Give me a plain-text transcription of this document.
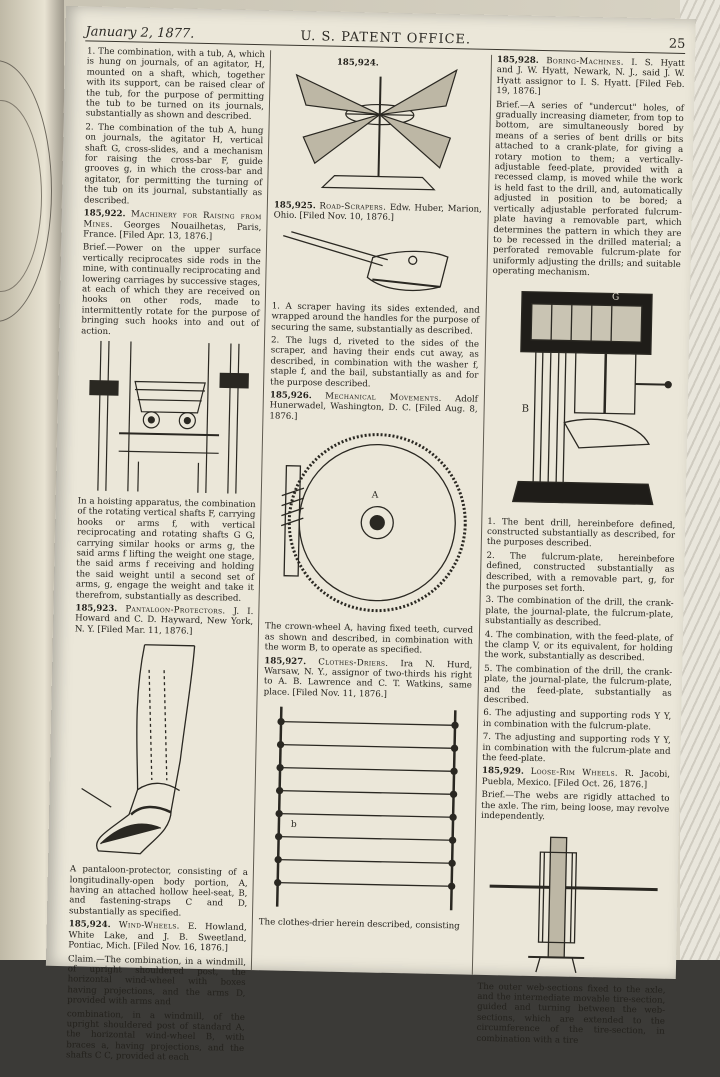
January 2, 1877.	U. S. PATENT OFFICE.	25

1. The combination, with a tub, A, which is hung on journals, of an agitator, H, mounted on a shaft, which, together with its support, can be raised clear of the tub, for the purpose of permitting the tub to be turned on its journals, substantially as shown and described.

2. The combination of the tub A, hung on journals, the agitator H, vertical shaft G, cross-slides, and a mechanism for raising the cross-bar F, guide grooves g, in which the cross-bar and agitator, for permitting the turning of the tub on its journal, substantially as described.

185,922. Machinery for Raising from Mines. Georges Nouailhetas, Paris, France. [Filed Apr. 13, 1876.]

Brief.—Power on the upper surface vertically reciprocates side rods in the mine, with continually reciprocating and lowering carriages by successive stages, at each of which they are received on hooks on other rods, made to intermittently rotate for the purpose of bringing such hooks into and out of action.

In a hoisting apparatus, the combination of the rotating vertical shafts F, carrying hooks or arms f, with vertical reciprocating and rotating shafts G G, carrying similar hooks or arms g, the said arms f lifting the weight one stage, the said arms f receiving and holding the said weight until a second set of arms, g, engage the weight and take it therefrom, substantially as described.

185,923. Pantaloon-Protectors. J. I. Howard and C. D. Hayward, New York, N. Y. [Filed Mar. 11, 1876.]

A pantaloon-protector, consisting of a longitudinally-open body portion, A, having an attached hollow heel-seat, B, and fastening-straps C and D, substantially as specified.

185,924. Wind-Wheels. E. Howland, White Lake, and J. B. Sweetland, Pontiac, Mich. [Filed Nov. 16, 1876.]

Claim.—The combination, in a windmill, of upright shouldered post, the horizontal wind-wheel with boxes having projections, and the arms D, provided with arms and

combination, in a windmill, of the upright shouldered post of standard A, the horizontal wind-wheel B, with braces a, having projections, and the shafts C C, provided at each

185,924.

185,925. Road-Scrapers. Edw. Huber, Marion, Ohio. [Filed Nov. 10, 1876.]

1. A scraper having its sides extended, and wrapped around the handles for the purpose of securing the same, substantially as described.

2. The lugs d, riveted to the sides of the scraper, and having their ends cut away, as described, in combination with the washer f, staple f, and the bail, substantially as and for the purpose described.

185,926. Mechanical Movements. Adolf Hunerwadel, Washington, D. C. [Filed Aug. 8, 1876.]

A

The crown-wheel A, having fixed teeth, curved as shown and described, in combination with the worm B, to operate as specified.

185,927. Clothes-Driers. Ira N. Hurd, Warsaw, N. Y., assignor of two-thirds his right to A. B. Lawrence and C. T. Watkins, same place. [Filed Nov. 11, 1876.]

b

The clothes-drier herein described, consisting

185,928. Boring-Machines. I. S. Hyatt and J. W. Hyatt, Newark, N. J., said J. W. Hyatt assignor to I. S. Hyatt. [Filed Feb. 19, 1876.]

Brief.—A series of "undercut" holes, of gradually increasing diameter, from top to bottom, are simultaneously bored by means of a series of bent drills or bits attached to a crank-plate, for giving a rotary motion to them; a vertically-adjustable feed-plate, provided with a recessed clamp, is moved while the work is held fast to the drill, and, automatically adjusted in position to be bored; a vertically adjustable perforated fulcrum-plate having a removable part, which determines the pattern in which they are to be recessed in the drilled material; a perforated removable fulcrum-plate for uniformly adjusting the drills; and suitable operating mechanism.

G
B

1. The bent drill, hereinbefore defined, constructed substantially as described, for the purposes described.

2. The fulcrum-plate, hereinbefore defined, constructed substantially as described, with a removable part, g, for the purposes set forth.

3. The combination of the drill, the crank-plate, the journal-plate, the fulcrum-plate, substantially as described.

4. The combination, with the feed-plate, of the clamp V, or its equivalent, for holding the work, substantially as described.

5. The combination of the drill, the crank-plate, the journal-plate, the fulcrum-plate, and the feed-plate, substantially as described.

6. The adjusting and supporting rods Y Y, in combination with the fulcrum-plate.

7. The adjusting and supporting rods Y Y, in combination with the fulcrum-plate and the feed-plate.

185,929. Loose-Rim Wheels. R. Jacobi, Puebla, Mexico. [Filed Oct. 26, 1876.]

Brief.—The webs are rigidly attached to the axle. The rim, being loose, may revolve independently.

The outer web-sections fixed to the axle, and the intermediate movable tire-section, guided and turning between the web-sections, which are extended to the circumference of the tire-section, in combination with a tire
